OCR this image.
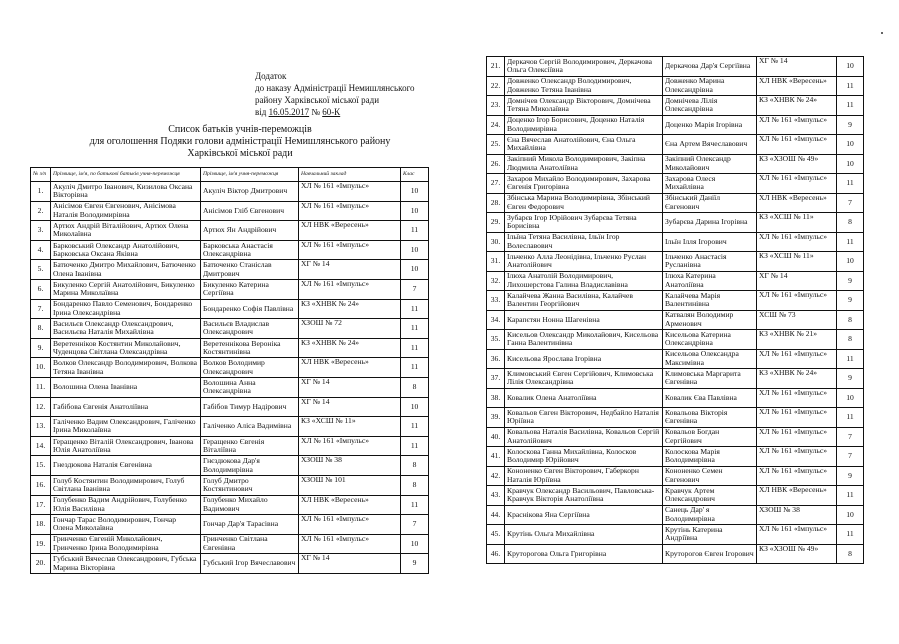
Додаток
до наказу Адміністрації Немишлянського
району Харківської міської ради
від 16.05.2017 № 60-К
Список батьків учнів-переможців
для оголошення Подяки голови адміністрації Немишлянського району
Харківської міської ради
№ з/п	Прізвище, ім'я, по батькові батьків учня-переможця	Прізвище, ім'я учня-переможця	Навчальний заклад	Клас
1.	Акуліч Дмитро Іванович, Кизилова Оксана Вікторівна	Акуліч Віктор Дмитрович	ХЛ № 161 «Імпульс»	10
2.	Анісімов Євген Євгенович, Анісімова Наталія Володимирівна	Анісімов Гліб Євгенович	ХЛ № 161 «Імпульс»	10
3.	Артюх Андрій Віталійович, Артюх Олена Миколаївна	Артюх Ян Андрійович	ХЛ НВК «Вересень»	11
4.	Барковський Олександр Анатолійович, Барковська Оксана Яківна	Барковська Анастасія Олександрівна	ХЛ № 161 «Імпульс»	10
5.	Батюченко Дмитро Михайлович, Батюченко Олена Іванівна	Батюченко Станіслав Дмитрович	ХГ № 14	10
6.	Бикуленко Сергій Анатолійович, Бикуленко Марина Миколаївна	Бикуленко Катерина Сергіївна	ХЛ № 161 «Імпульс»	7
7.	Бондаренко Павло Семенович, Бондаренко Ірина Олександрівна	Бондаренко Софія Павлівна	КЗ «ХНВК № 24»	11
8.	Васильєв Олександр Олександрович, Васильєва Наталія Михайлівна	Васильєв Владислав Олександрович	ХЗОШ № 72	11
9.	Веретенніков Костянтин Миколайович, Чуденцова Світлана Олександрівна	Веретеннікова Вероніка Костянтинівна	КЗ «ХНВК № 24»	11
10.	Волков Олександр Володимирович, Волкова Тетяна Іванівна	Волков Володимир Олександрович	ХЛ НВК «Вересень»	11
11.	Волошина Олена Іванівна	Волошина Анна Олександрівна	ХГ № 14	8
12.	Габібова Євгенія Анатоліївна	Габібов Тимур Надірович	ХГ № 14	10
13.	Галіченко Вадим Олександрович, Галіченко Ірина Миколаївна	Галіченко Аліса Вадимівна	КЗ «ХСШ № 11»	11
14.	Геращенко Віталій Олександрович, Іванова Юлія Анатоліївна	Геращенко Євгенія Віталіївна	ХЛ № 161 «Імпульс»	11
15.	Гнездюкова Наталія Євгенівна	Гнєздюкова Дар'я Володимирівна	ХЗОШ № 38	8
16.	Голуб Костянтин Володимирович, Голуб Світлана Іванівна	Голуб Дмитро Костянтинович	ХЗОШ № 101	8
17.	Голубенко Вадим Андрійович, Голубенко Юлія Василівна	Голубенко Михайло Вадимович	ХЛ НВК «Вересень»	11
18.	Гончар Тарас Володимирович, Гончар Олена Миколаївна	Гончар Дар'я Тарасівна	ХЛ № 161 «Імпульс»	7
19.	Гринченко Євгеній Миколайович, Гринченко Ірина Володимирівна	Гринченко Світлана Євгенівна	ХЛ № 161 «Імпульс»	10
20.	Губський Вячеслав Олександрович, Губська Марина Вікторівна	Губський Ігор Вячеславович	ХГ № 14	9
21.	Деркачов Сергій Володимирович, Деркачова Ольга Олексіївна	Деркачова Дар'я Сергіївна	ХГ № 14	10
22.	Довженко Олександр Володимирович, Довженко Тетяна Іванівна	Довженко Марина Олександрівна	ХЛ НВК «Вересень»	11
23.	Домнічев Олександр Вікторович, Домнічева Тетяна Миколаївна	Домнічева Лілія Олександрівна	КЗ «ХНВК № 24»	11
24.	Доценко Ігор Борисович, Доценко Наталія Володимирівна	Доценко Марія Ігорівна	ХЛ № 161 «Імпульс»	9
25.	Єна Вячеслав Анатолійович, Єна Ольга Михайлівна	Єна Артем Вячеславович	ХЛ № 161 «Імпульс»	10
26.	Закіпний Микола Володимирович, Закіпна Людмила Анатоліївна	Закіпний Олександр Миколайович	КЗ «ХЗОШ № 49»	10
27.	Захаров Михайло Володимирович, Захарова Євгенія Григорівна	Захарова Олеся Михайлівна	ХЛ № 161 «Імпульс»	11
28.	Збінська Марина Володимирівна, Збінський Євген Федорович	Збінський Даніїл Євгенович	ХЛ НВК «Вересень»	7
29.	Зубарєв Ігор Юрійович Зубарєва Тетяна Борисівна	Зубарєва Дарина Ігорівна	КЗ «ХСШ № 11»	8
30.	Ільїна Тетяна Василівна, Ільїн Ігор Волеславович	Ільїн Ілля Ігорович	ХЛ № 161 «Імпульс»	11
31.	Ільченко Алла Леонідівна, Ільченко Руслан Анатолійович	Ільченко Анастасія Русланівна	КЗ «ХСШ № 11»	10
32.	Ілюха Анатолій Володимирович, Лихошерстова Галина Владиславівна	Ілюха Катерина Анатоліївна	ХГ № 14	9
33.	Калайчева Жанна Василівна, Калайчев Валентин Георгійович	Калайчева Марія Валентинівна	ХЛ № 161 «Імпульс»	9
34.	Карапєтян Нонна Шагенівна	Катвалян Володимир Арменович	ХСШ № 73	8
35.	Кисельов Олександр Миколайович, Кисельова Ганна Валентинівна	Кисельова Катерина Олександрівна	КЗ «ХНВК № 21»	8
36.	Кисельова Ярослава Ігорівна	Кисельова Олександра Максимівна	ХЛ № 161 «Імпульс»	11
37.	Климовський Євген Сергійович, Климовська Лілія Олександрівна	Климовська Маргарита Євгенівна	КЗ «ХНВК № 24»	9
38.	Ковалик Олена Анатоліївна	Ковалик Єва Павлівна	ХЛ № 161 «Імпульс»	10
39.	Ковальов Євген Вікторович, Недбайло Наталія Юріївна	Ковальова Вікторія Євгенівна	ХЛ № 161 «Імпульс»	11
40.	Ковальова Наталія Василівна, Ковальов Сергій Анатолійович	Ковальов Богдан Сергійович	ХЛ № 161 «Імпульс»	7
41.	Колоскова Ганна Михайлівна, Колосков Володимир Юрійович	Колоскова Марія Володимирівна	ХЛ № 161 «Імпульс»	7
42.	Кононенко Євген Вікторович, Габеркорн Наталія Юріївна	Кононенко Семен Євгенович	ХЛ № 161 «Імпульс»	9
43.	Кравчук Олександр Васильович, Павловська-Кравчук Вікторія Анатоліївна	Кравчук Артем Олександрович	ХЛ НВК «Вересень»	11
44.	Краснікова Яна Сергіївна	Санець Дар' я Володимирівна	ХЗОШ № 38	10
45.	Крутінь Ольга Михайлівна	Крутінь Катерина Андріївна	ХЛ № 161 «Імпульс»	11
46.	Круторогова Ольга Григорівна	Круторогов Євген Ігорович	КЗ «ХЗОШ № 49»	8
